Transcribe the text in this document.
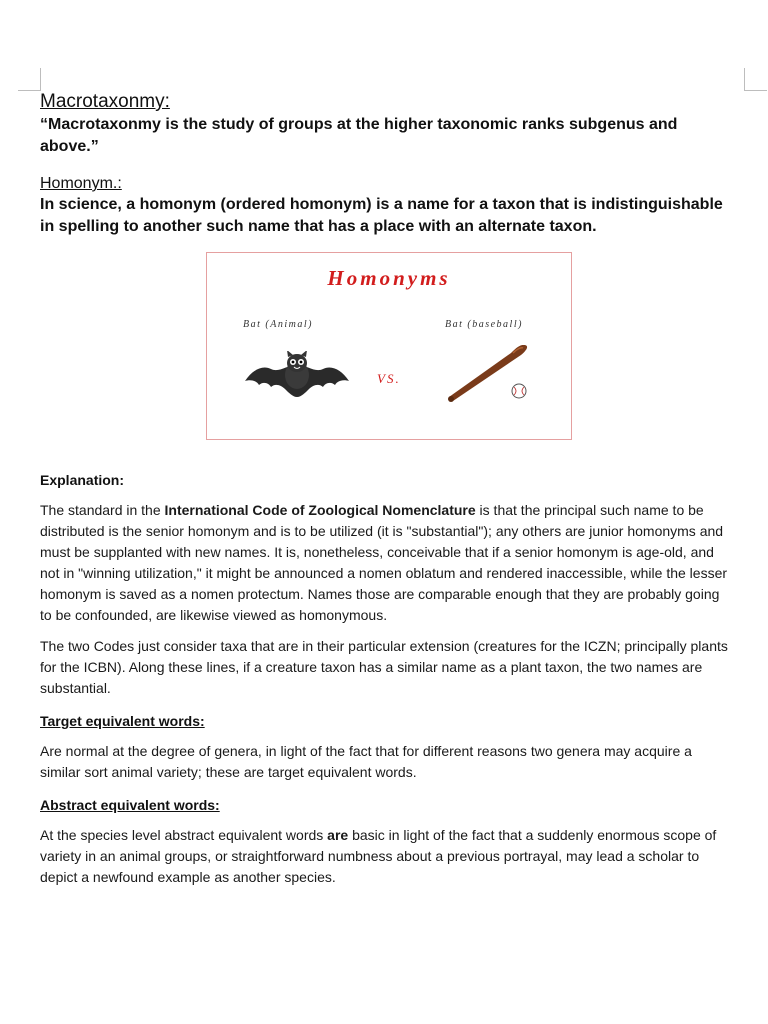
Macrotaxonmy:

“Macrotaxonmy is the study of groups at the higher taxonomic ranks subgenus and above.”

Homonym.:

In science, a homonym (ordered homonym) is a name for a taxon that is indistinguishable in spelling to another such name that has a place with an alternate taxon.

Homonyms
Bat (Animal)	Bat (baseball)
VS.

Explanation:

The standard in the International Code of Zoological Nomenclature is that the principal such name to be distributed is the senior homonym and is to be utilized (it is "substantial"); any others are junior homonyms and must be supplanted with new names. It is, nonetheless, conceivable that if a senior homonym is age-old, and not in "winning utilization," it might be announced a nomen oblatum and rendered inaccessible, while the lesser homonym is saved as a nomen protectum. Names those are comparable enough that they are probably going to be confounded, are likewise viewed as homonymous.

The two Codes just consider taxa that are in their particular extension (creatures for the ICZN; principally plants for the ICBN). Along these lines, if a creature taxon has a similar name as a plant taxon, the two names are substantial.

Target equivalent words:

Are normal at the degree of genera, in light of the fact that for different reasons two genera may acquire a similar sort animal variety; these are target equivalent words.

Abstract equivalent words:

At the species level abstract equivalent words are basic in light of the fact that a suddenly enormous scope of variety in an animal groups, or straightforward numbness about a previous portrayal, may lead a scholar to depict a newfound example as another species.
